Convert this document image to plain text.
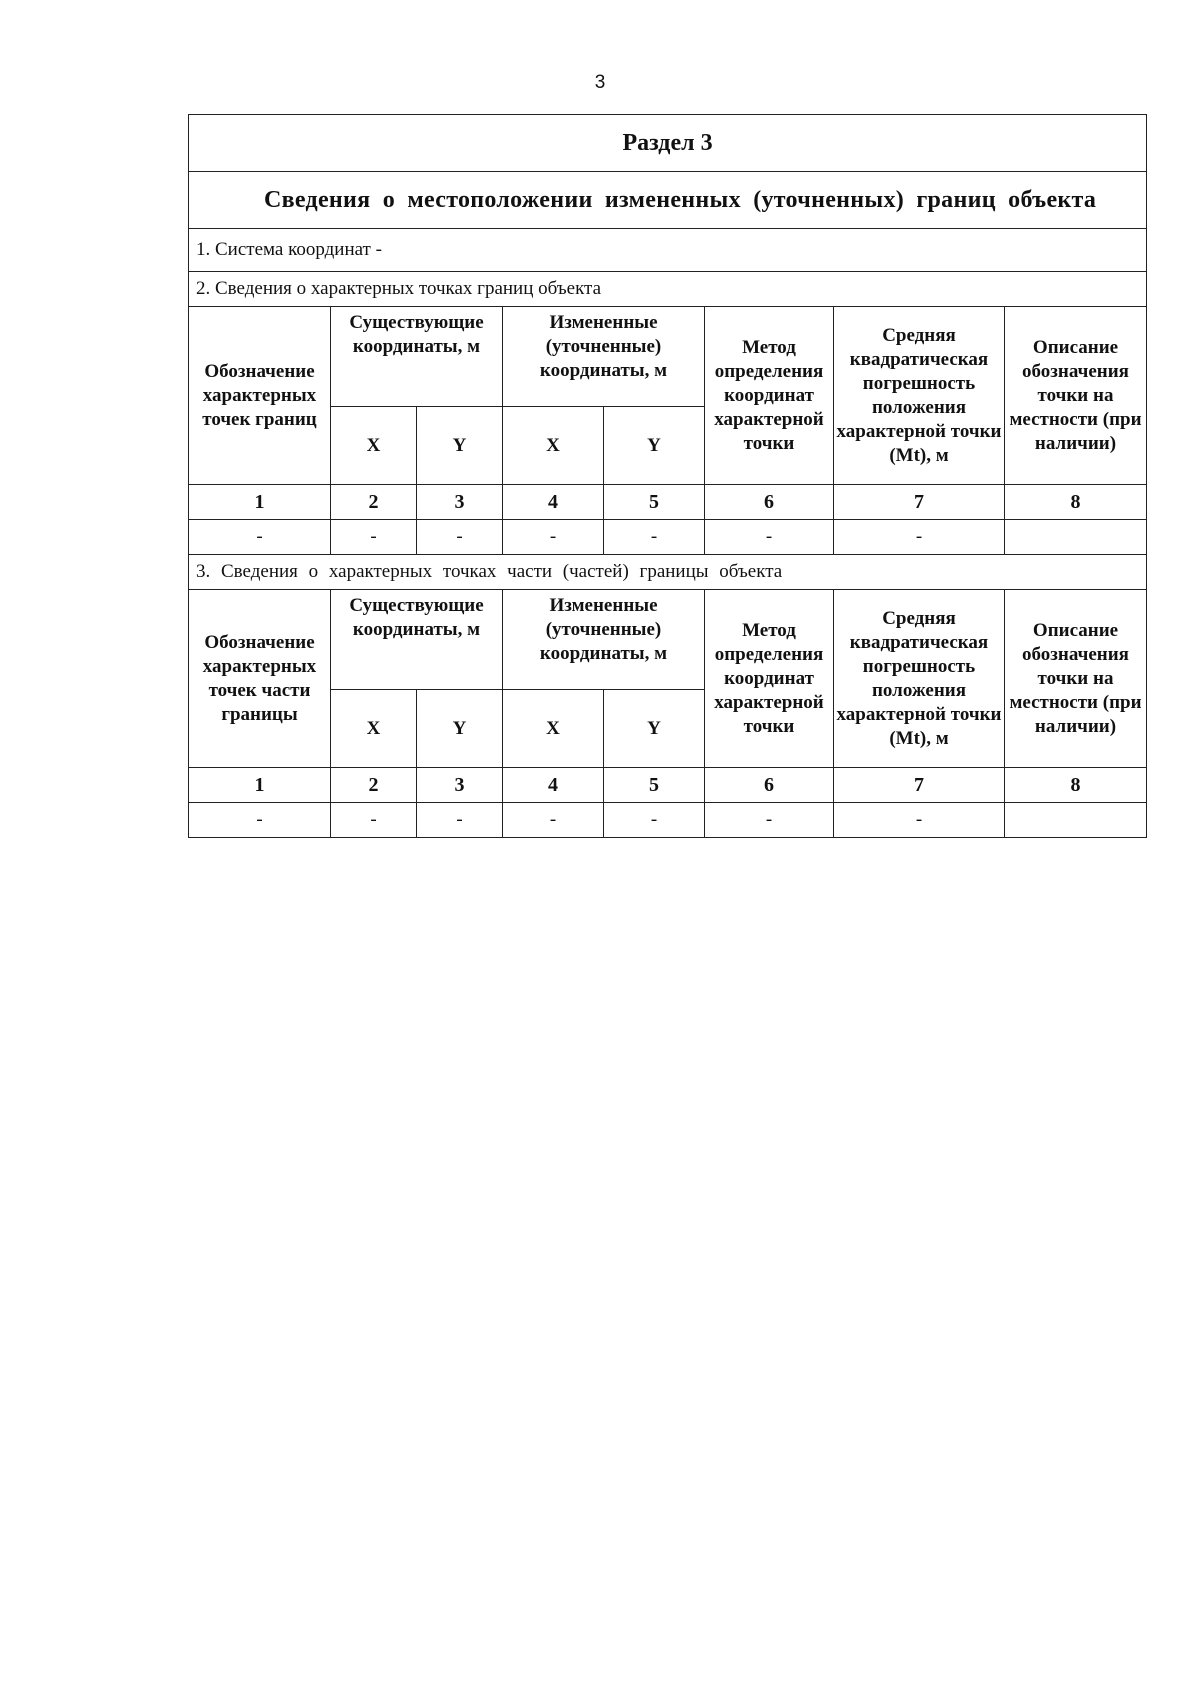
3
Раздел 3							
Сведения о местоположении измененных (уточненных) границ объекта							
1. Система координат -							
2. Сведения о характерных точках границ объекта							
Обозначение характерных точек границ	Существующие координаты, м		Измененные (уточненные) координаты, м		Метод определения координат характерной точки	Средняя квадратическая погрешность положения характерной точки (Mt), м	Описание обозначения точки на местности (при наличии)
	X	Y	X	Y			
1	2	3	4	5	6	7	8
-	-	-	-	-	-	-	
3. Сведения о характерных точках части (частей) границы объекта							
Обозначение характерных точек части границы	Существующие координаты, м		Измененные (уточненные) координаты, м		Метод определения координат характерной точки	Средняя квадратическая погрешность положения характерной точки (Mt), м	Описание обозначения точки на местности (при наличии)
	X	Y	X	Y			
1	2	3	4	5	6	7	8
-	-	-	-	-	-	-	
